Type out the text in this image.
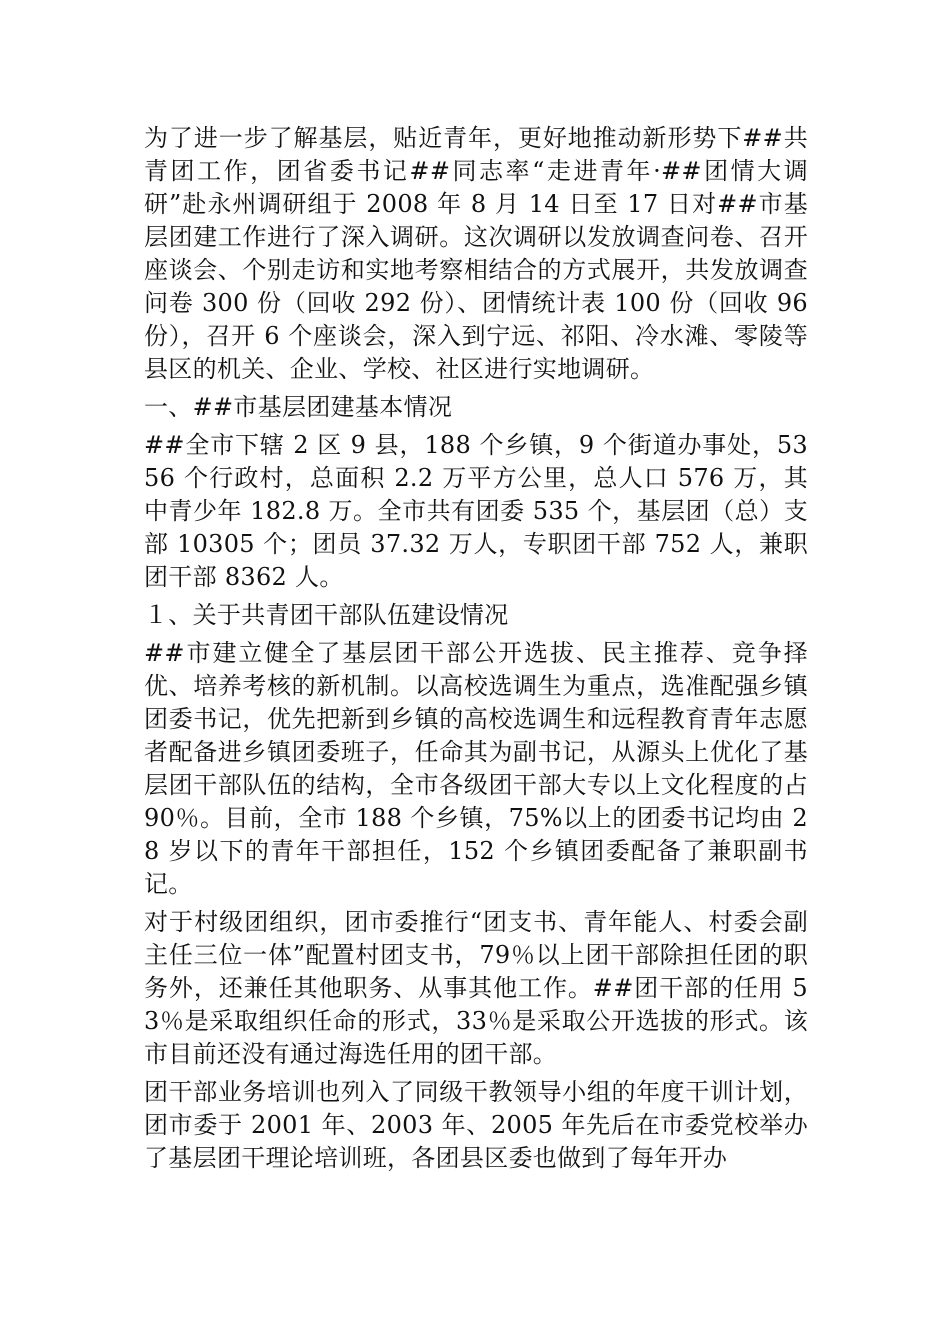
为了进一步了解基层，贴近青年，更好地推动新形势下##共青团工作，团省委书记##同志率“走进青年·##团情大调研”赴永州调研组于 2008 年 8 月 14 日至 17 日对##市基层团建工作进行了深入调研。这次调研以发放调查问卷、召开座谈会、个别走访和实地考察相结合的方式展开，共发放调查问卷 300 份（回收 292 份）、团情统计表 100 份（回收 96 份），召开 6 个座谈会，深入到宁远、祁阳、冷水滩、零陵等县区的机关、企业、学校、社区进行实地调研。

一、##市基层团建基本情况

##全市下辖 2 区 9 县，188 个乡镇，9 个街道办事处，5356 个行政村，总面积 2.2 万平方公里，总人口 576 万，其中青少年 182.8 万。全市共有团委 535 个，基层团（总）支部 10305 个；团员 37.32 万人，专职团干部 752 人，兼职团干部 8362 人。

１、关于共青团干部队伍建设情况

##市建立健全了基层团干部公开选拔、民主推荐、竞争择优、培养考核的新机制。以高校选调生为重点，选准配强乡镇团委书记，优先把新到乡镇的高校选调生和远程教育青年志愿者配备进乡镇团委班子，任命其为副书记，从源头上优化了基层团干部队伍的结构，全市各级团干部大专以上文化程度的占 90％。目前，全市 188 个乡镇，75%以上的团委书记均由 28 岁以下的青年干部担任，152 个乡镇团委配备了兼职副书记。

对于村级团组织，团市委推行“团支书、青年能人、村委会副主任三位一体”配置村团支书，79％以上团干部除担任团的职务外，还兼任其他职务、从事其他工作。##团干部的任用 53％是采取组织任命的形式，33％是采取公开选拔的形式。该市目前还没有通过海选任用的团干部。

团干部业务培训也列入了同级干教领导小组的年度干训计划，团市委于 2001 年、2003 年、2005 年先后在市委党校举办了基层团干理论培训班，各团县区委也做到了每年开办
